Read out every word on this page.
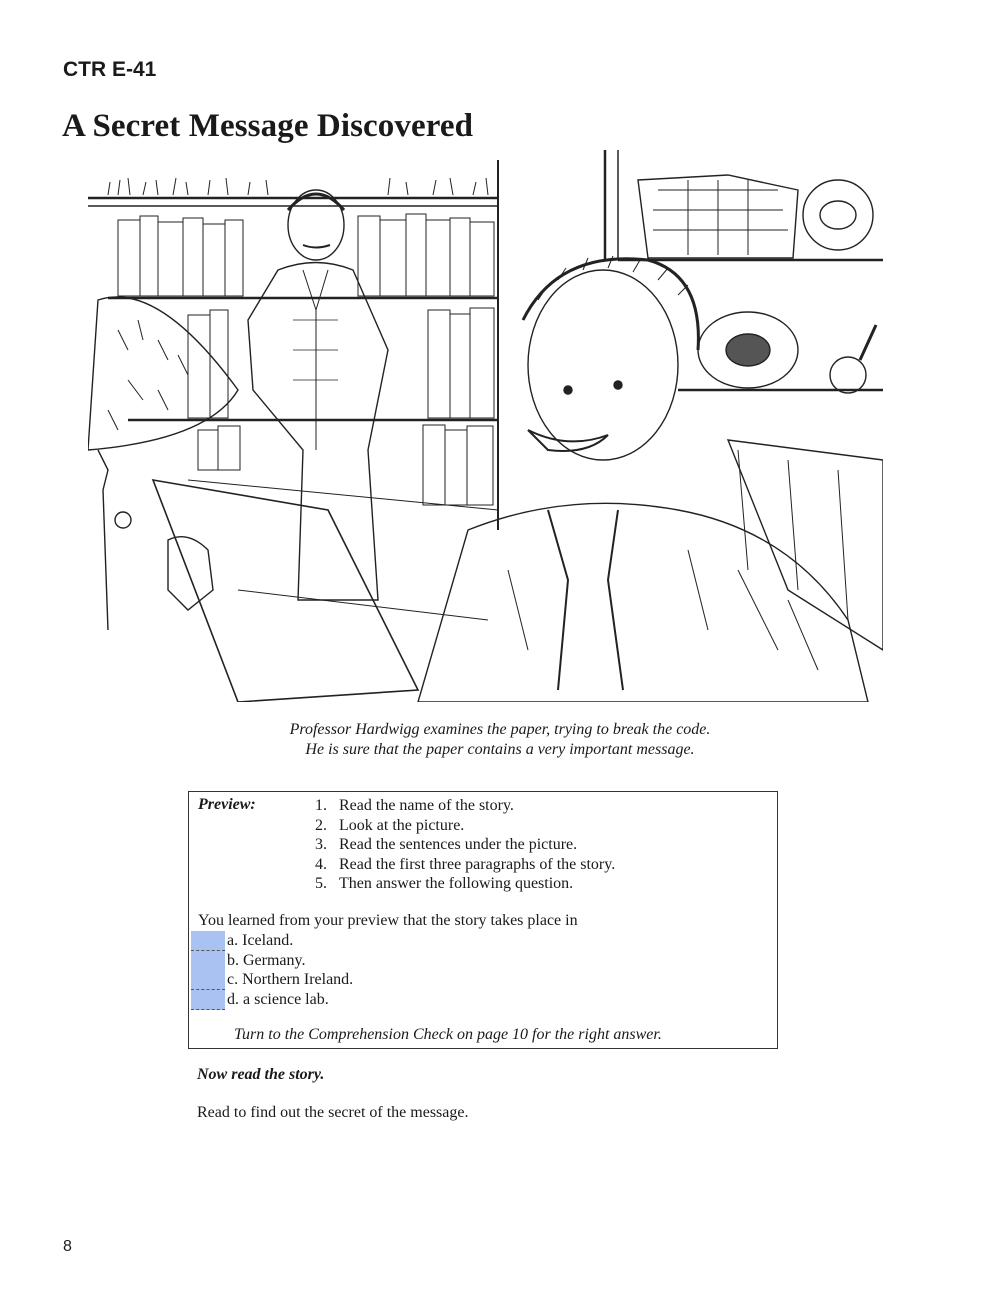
CTR E-41
A Secret Message Discovered
Professor Hardwigg examines the paper, trying to break the code.
He is sure that the paper contains a very important message.
Preview:	1. Read the name of the story.
2. Look at the picture.
3. Read the sentences under the picture.
4. Read the first three paragraphs of the story.
5. Then answer the following question.
You learned from your preview that the story takes place in
a. Iceland.
b. Germany.
c. Northern Ireland.
d. a science lab.
Turn to the Comprehension Check on page 10 for the right answer.
Now read the story.
Read to find out the secret of the message.
8
